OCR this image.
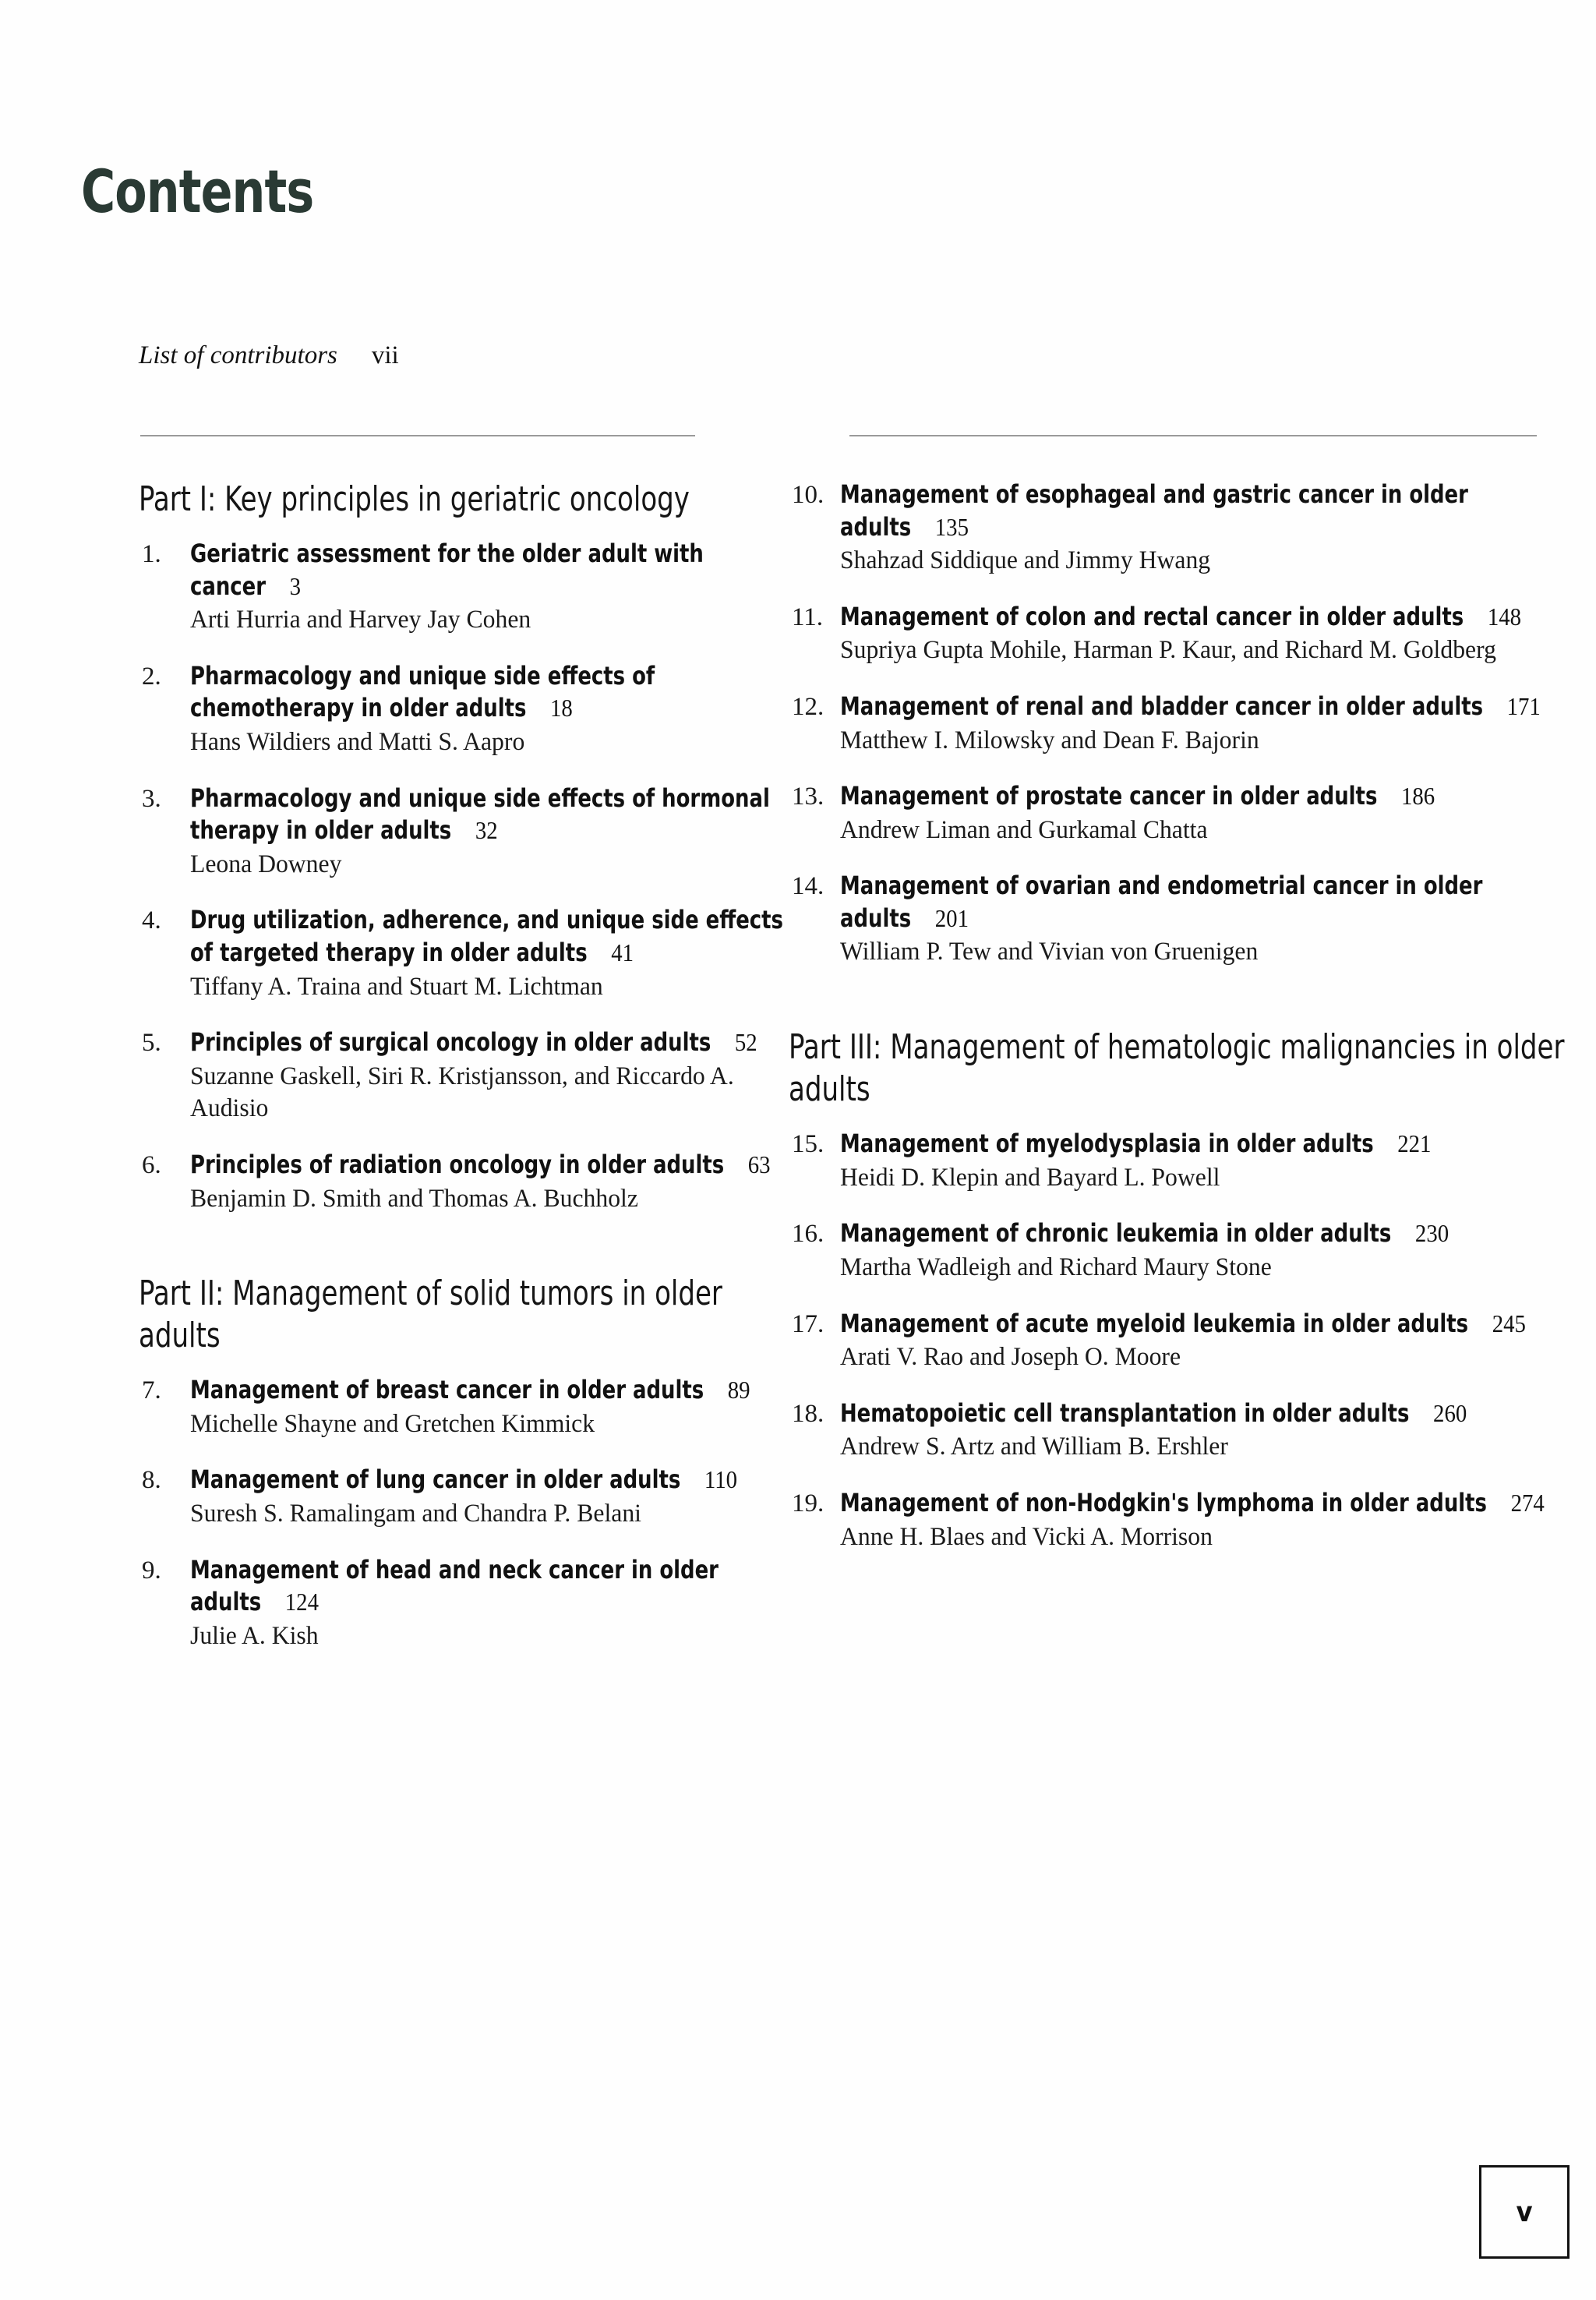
Contents
List of contributors vii
Part I: Key principles in geriatric oncology
1.	Geriatric assessment for the older adult with cancer 3
Arti Hurria and Harvey Jay Cohen
2.	Pharmacology and unique side effects of chemotherapy in older adults 18
Hans Wildiers and Matti S. Aapro
3.	Pharmacology and unique side effects of hormonal therapy in older adults 32
Leona Downey
4.	Drug utilization, adherence, and unique side effects of targeted therapy in older adults 41
Tiffany A. Traina and Stuart M. Lichtman
5.	Principles of surgical oncology in older adults 52
Suzanne Gaskell, Siri R. Kristjansson, and Riccardo A. Audisio
6.	Principles of radiation oncology in older adults 63
Benjamin D. Smith and Thomas A. Buchholz
Part II: Management of solid tumors in older adults
7.	Management of breast cancer in older adults 89
Michelle Shayne and Gretchen Kimmick
8.	Management of lung cancer in older adults 110
Suresh S. Ramalingam and Chandra P. Belani
9.	Management of head and neck cancer in older adults 124
Julie A. Kish
10. Management of esophageal and gastric cancer in older adults 135
Shahzad Siddique and Jimmy Hwang
11. Management of colon and rectal cancer in older adults 148
Supriya Gupta Mohile, Harman P. Kaur, and Richard M. Goldberg
12. Management of renal and bladder cancer in older adults 171
Matthew I. Milowsky and Dean F. Bajorin
13. Management of prostate cancer in older adults 186
Andrew Liman and Gurkamal Chatta
14. Management of ovarian and endometrial cancer in older adults 201
William P. Tew and Vivian von Gruenigen
Part III: Management of hematologic malignancies in older adults
15. Management of myelodysplasia in older adults 221
Heidi D. Klepin and Bayard L. Powell
16. Management of chronic leukemia in older adults 230
Martha Wadleigh and Richard Maury Stone
17. Management of acute myeloid leukemia in older adults 245
Arati V. Rao and Joseph O. Moore
18. Hematopoietic cell transplantation in older adults 260
Andrew S. Artz and William B. Ershler
19. Management of non-Hodgkin's lymphoma in older adults 274
Anne H. Blaes and Vicki A. Morrison
v
